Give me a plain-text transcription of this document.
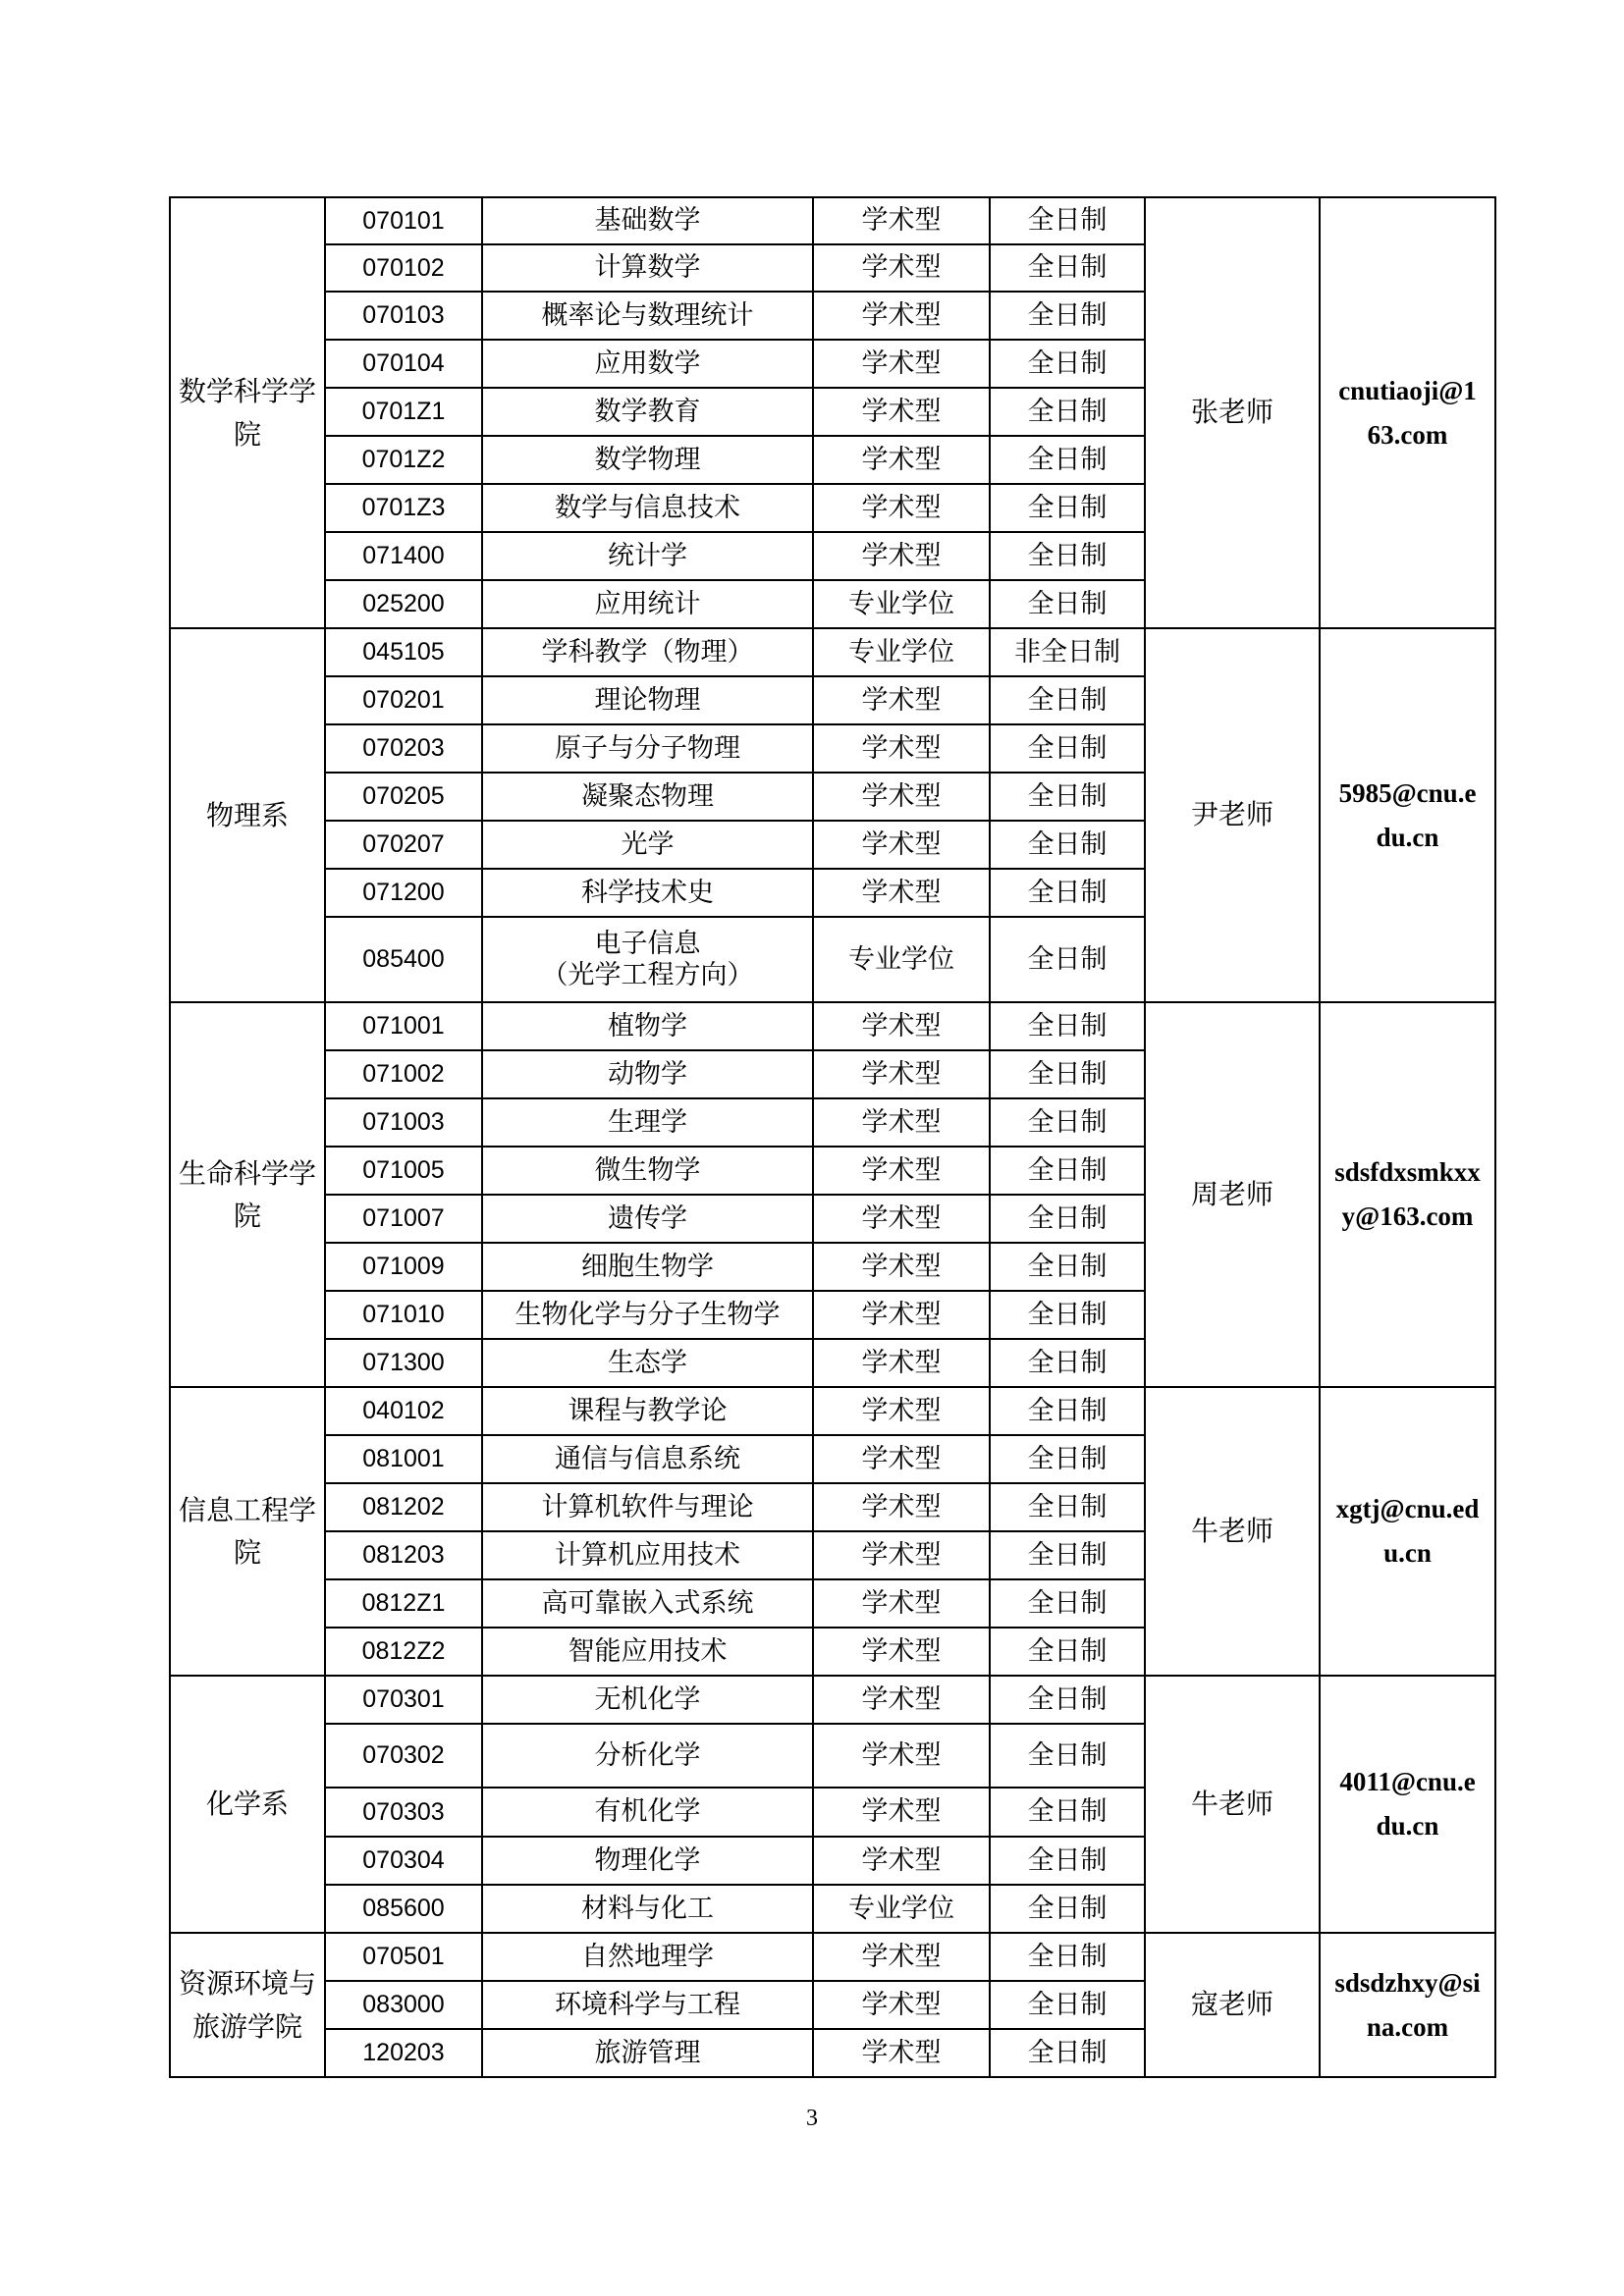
数学科学学院	070101	基础数学	学术型	全日制	张老师	cnutiaoji@163.com
	070102	计算数学	学术型	全日制		
	070103	概率论与数理统计	学术型	全日制		
	070104	应用数学	学术型	全日制		
	0701Z1	数学教育	学术型	全日制		
	0701Z2	数学物理	学术型	全日制		
	0701Z3	数学与信息技术	学术型	全日制		
	071400	统计学	学术型	全日制		
	025200	应用统计	专业学位	全日制		
物理系	045105	学科教学（物理）	专业学位	非全日制	尹老师	5985@cnu.edu.cn
	070201	理论物理	学术型	全日制		
	070203	原子与分子物理	学术型	全日制		
	070205	凝聚态物理	学术型	全日制		
	070207	光学	学术型	全日制		
	071200	科学技术史	学术型	全日制		
	085400	电子信息
（光学工程方向）	专业学位	全日制		
生命科学学院	071001	植物学	学术型	全日制	周老师	sdsfdxsmkxxy@163.com
	071002	动物学	学术型	全日制		
	071003	生理学	学术型	全日制		
	071005	微生物学	学术型	全日制		
	071007	遗传学	学术型	全日制		
	071009	细胞生物学	学术型	全日制		
	071010	生物化学与分子生物学	学术型	全日制		
	071300	生态学	学术型	全日制		
信息工程学院	040102	课程与教学论	学术型	全日制	牛老师	xgtj@cnu.edu.cn
	081001	通信与信息系统	学术型	全日制		
	081202	计算机软件与理论	学术型	全日制		
	081203	计算机应用技术	学术型	全日制		
	0812Z1	高可靠嵌入式系统	学术型	全日制		
	0812Z2	智能应用技术	学术型	全日制		
化学系	070301	无机化学	学术型	全日制	牛老师	4011@cnu.edu.cn
	070302	分析化学	学术型	全日制		
	070303	有机化学	学术型	全日制		
	070304	物理化学	学术型	全日制		
	085600	材料与化工	专业学位	全日制		
资源环境与旅游学院	070501	自然地理学	学术型	全日制	寇老师	sdsdzhxy@sina.com
	083000	环境科学与工程	学术型	全日制		
	120203	旅游管理	学术型	全日制		
3
